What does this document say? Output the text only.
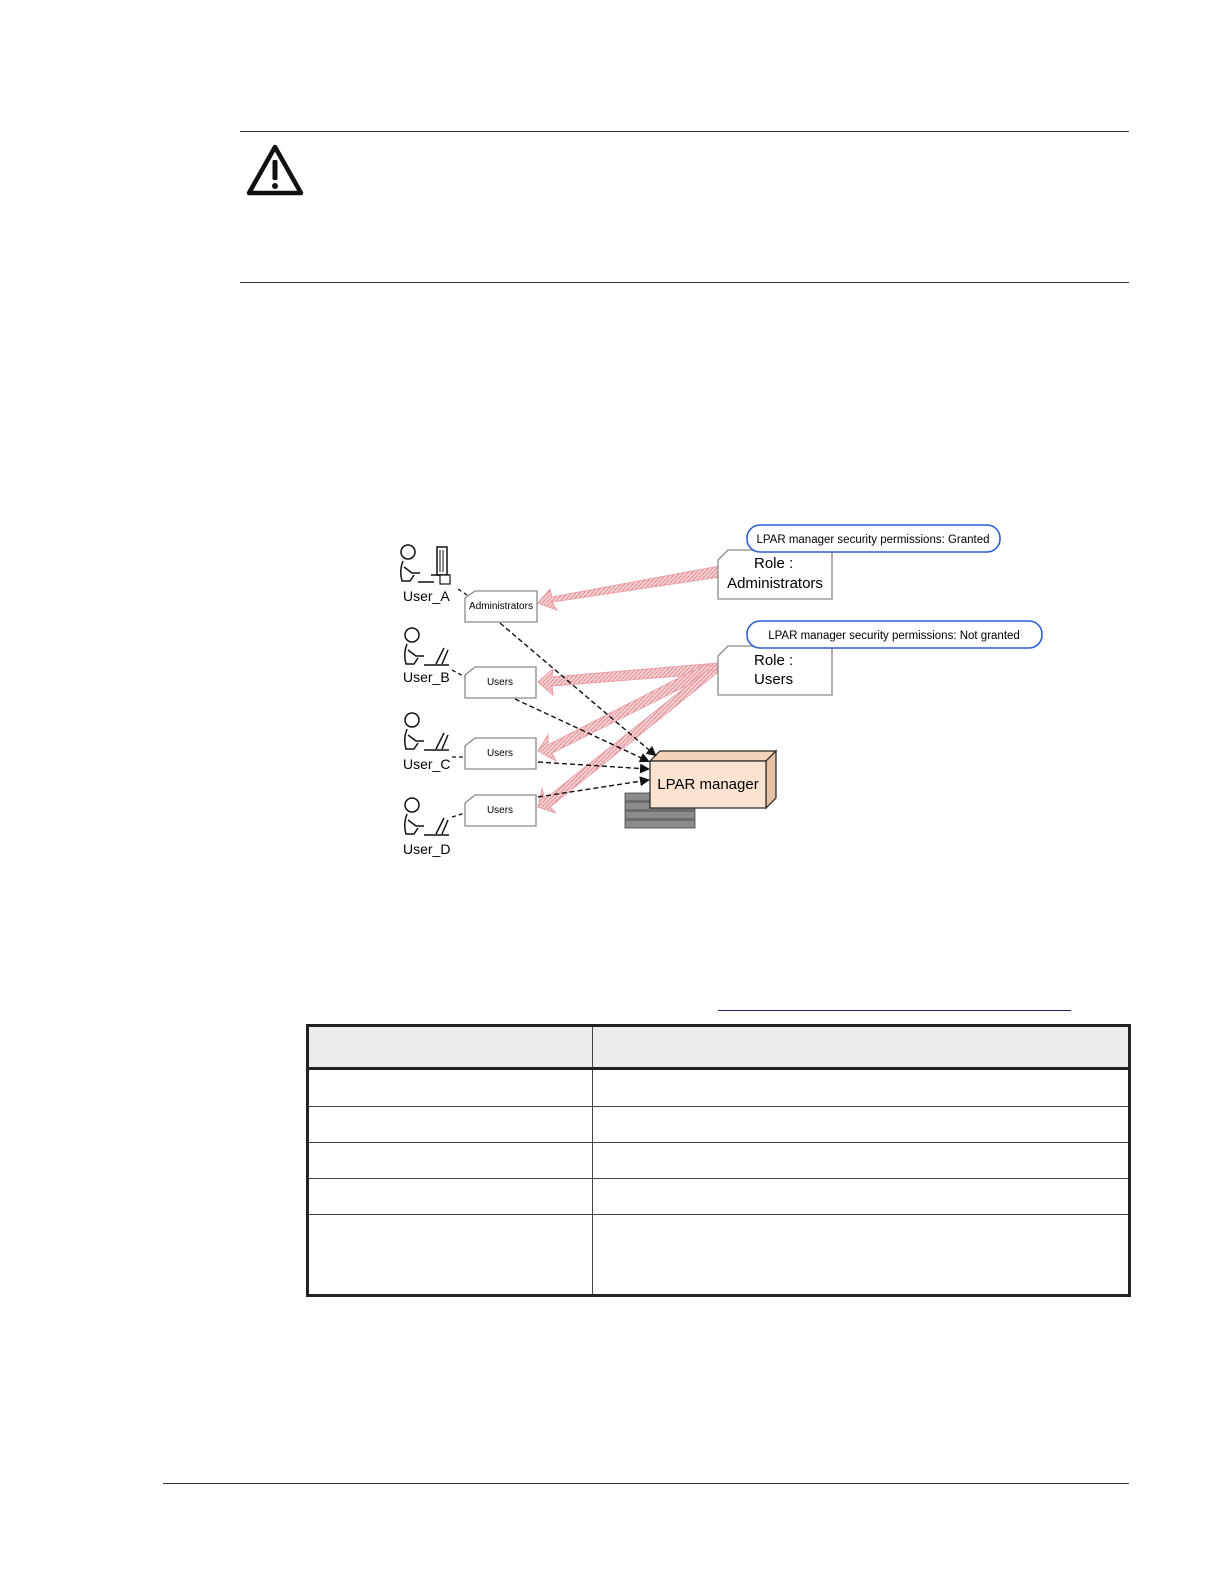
User_A
User_B
User_C
User_D
Administrators
Users
Users
Users
Role :
Administrators
Role :
Users
LPAR manager security permissions: Granted
LPAR manager security permissions: Not granted
LPAR manager
